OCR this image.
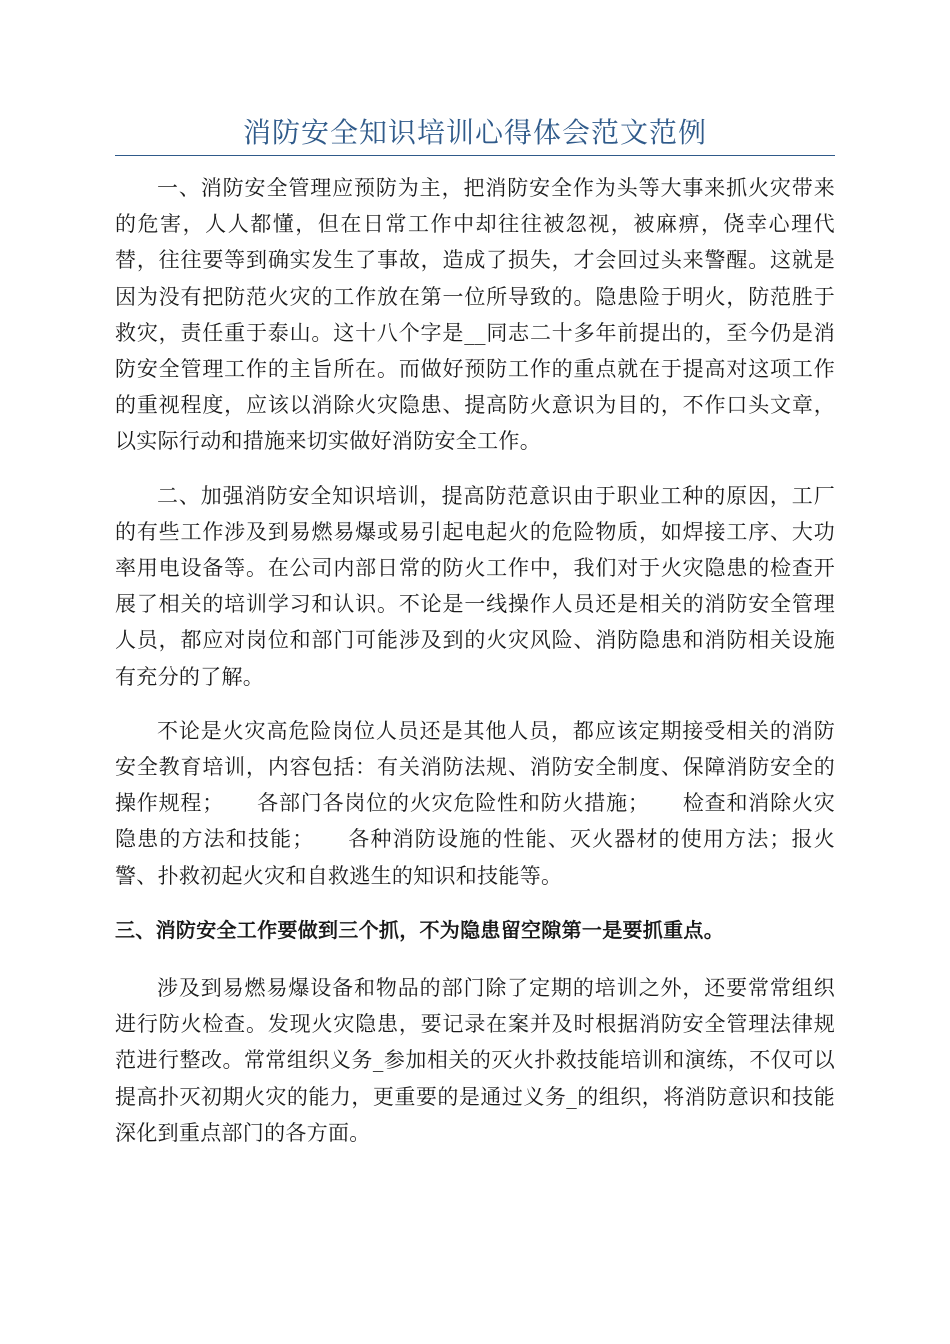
消防安全知识培训心得体会范文范例

一、消防安全管理应预防为主，把消防安全作为头等大事来抓火灾带来的危害，人人都懂，但在日常工作中却往往被忽视，被麻痹，侥幸心理代替，往往要等到确实发生了事故，造成了损失，才会回过头来警醒。这就是因为没有把防范火灾的工作放在第一位所导致的。隐患险于明火，防范胜于救灾，责任重于泰山。这十八个字是__同志二十多年前提出的，至今仍是消防安全管理工作的主旨所在。而做好预防工作的重点就在于提高对这项工作的重视程度，应该以消除火灾隐患、提高防火意识为目的，不作口头文章，以实际行动和措施来切实做好消防安全工作。

二、加强消防安全知识培训，提高防范意识由于职业工种的原因，工厂的有些工作涉及到易燃易爆或易引起电起火的危险物质，如焊接工序、大功率用电设备等。在公司内部日常的防火工作中，我们对于火灾隐患的检查开展了相关的培训学习和认识。不论是一线操作人员还是相关的消防安全管理人员，都应对岗位和部门可能涉及到的火灾风险、消防隐患和消防相关设施有充分的了解。

不论是火灾高危险岗位人员还是其他人员，都应该定期接受相关的消防安全教育培训，内容包括：有关消防法规、消防安全制度、保障消防安全的操作规程；　　各部门各岗位的火灾危险性和防火措施；　　检查和消除火灾隐患的方法和技能；　　各种消防设施的性能、灭火器材的使用方法；报火警、扑救初起火灾和自救逃生的知识和技能等。

三、消防安全工作要做到三个抓，不为隐患留空隙第一是要抓重点。

涉及到易燃易爆设备和物品的部门除了定期的培训之外，还要常常组织进行防火检查。发现火灾隐患，要记录在案并及时根据消防安全管理法律规范进行整改。常常组织义务_参加相关的灭火扑救技能培训和演练，不仅可以提高扑灭初期火灾的能力，更重要的是通过义务_的组织，将消防意识和技能深化到重点部门的各方面。
